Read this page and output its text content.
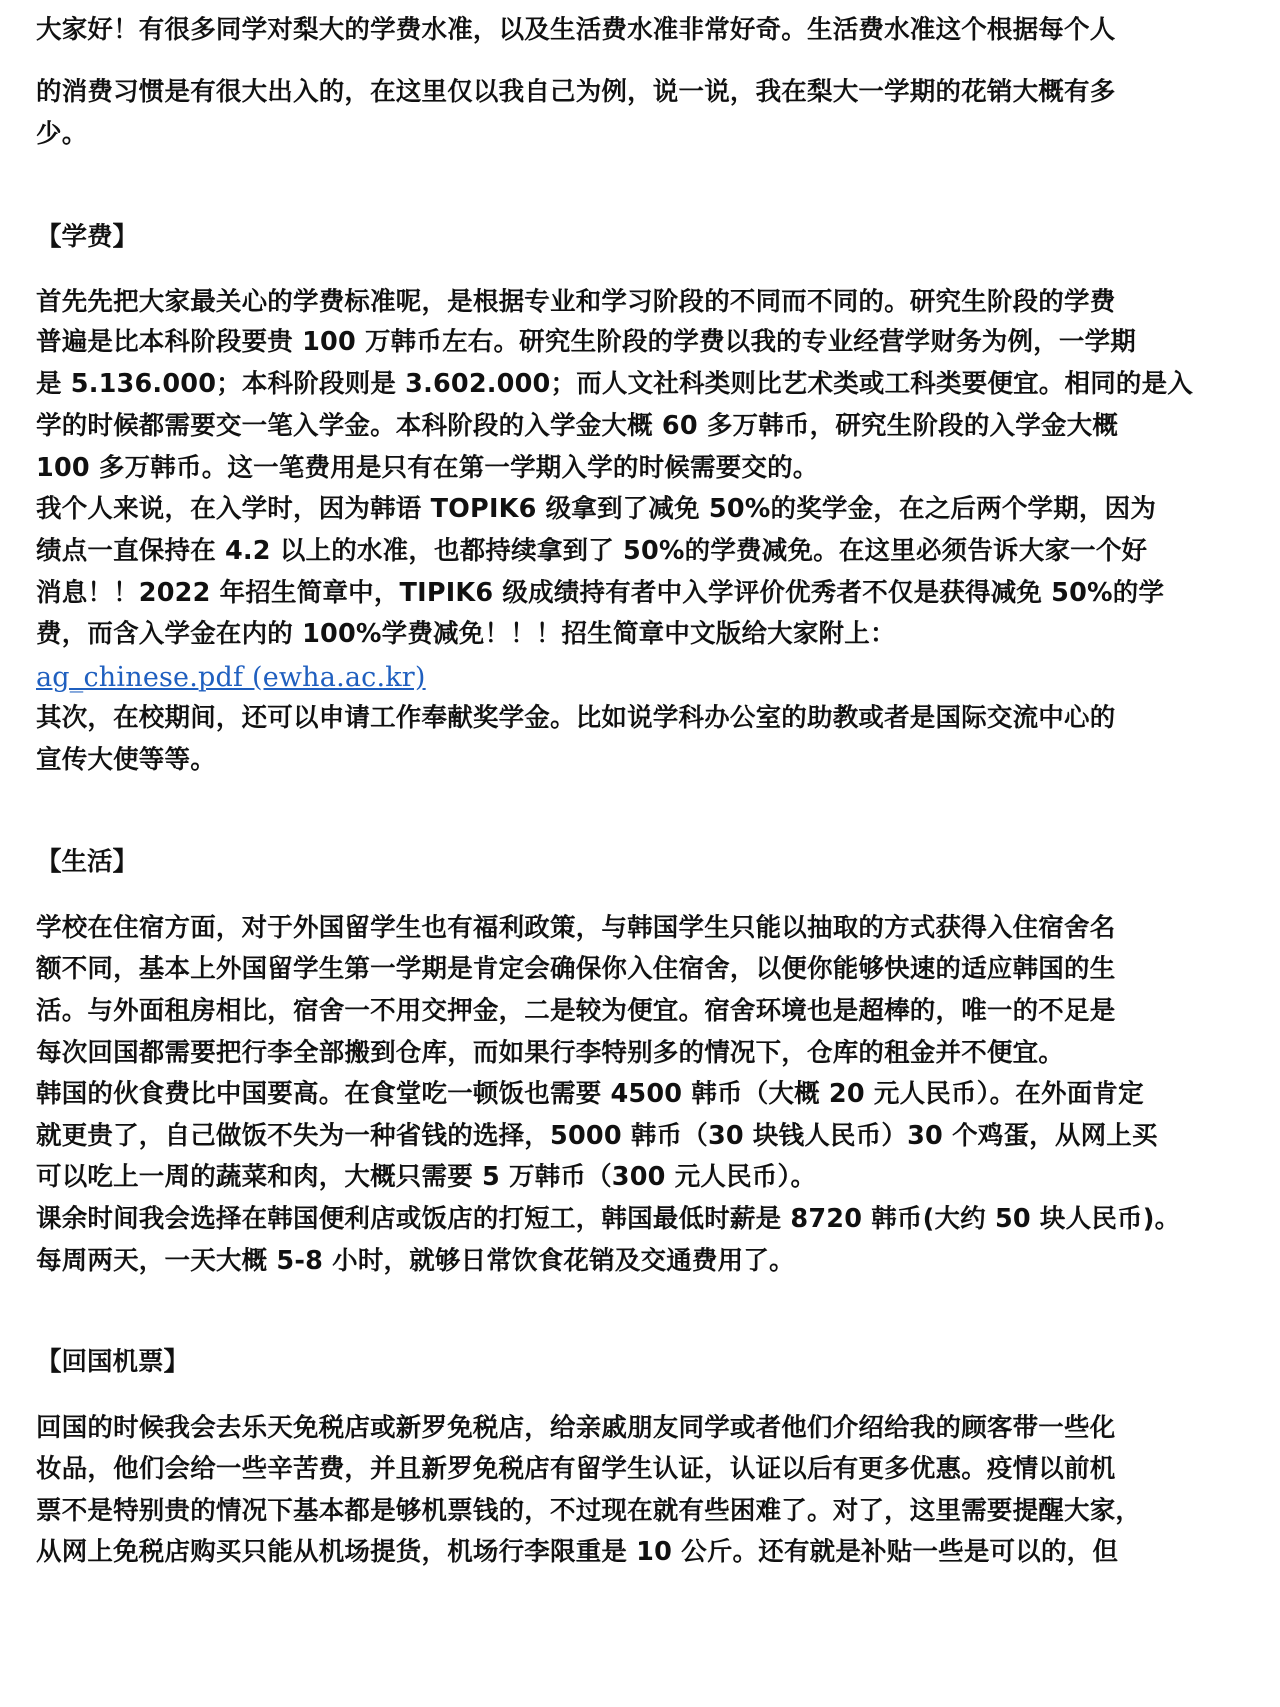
大家好！有很多同学对梨大的学费水准，以及生活费水准非常好奇。生活费水准这个根据每个人
的消费习惯是有很大出入的，在这里仅以我自己为例，说一说，我在梨大一学期的花销大概有多
少。
【学费】
首先先把大家最关心的学费标准呢，是根据专业和学习阶段的不同而不同的。研究生阶段的学费
普遍是比本科阶段要贵 100 万韩币左右。研究生阶段的学费以我的专业经营学财务为例，一学期
是 5.136.000；本科阶段则是 3.602.000；而人文社科类则比艺术类或工科类要便宜。相同的是入
学的时候都需要交一笔入学金。本科阶段的入学金大概 60 多万韩币，研究生阶段的入学金大概
100 多万韩币。这一笔费用是只有在第一学期入学的时候需要交的。
我个人来说，在入学时，因为韩语 TOPIK6 级拿到了减免 50%的奖学金，在之后两个学期，因为
绩点一直保持在 4.2 以上的水准，也都持续拿到了 50%的学费减免。在这里必须告诉大家一个好
消息！！2022 年招生简章中，TIPIK6 级成绩持有者中入学评价优秀者不仅是获得减免 50%的学
费，而含入学金在内的 100%学费减免！！！招生简章中文版给大家附上：
ag_chinese.pdf (ewha.ac.kr)
其次，在校期间，还可以申请工作奉献奖学金。比如说学科办公室的助教或者是国际交流中心的
宣传大使等等。
【生活】
学校在住宿方面，对于外国留学生也有福利政策，与韩国学生只能以抽取的方式获得入住宿舍名
额不同，基本上外国留学生第一学期是肯定会确保你入住宿舍，以便你能够快速的适应韩国的生
活。与外面租房相比，宿舍一不用交押金，二是较为便宜。宿舍环境也是超棒的，唯一的不足是
每次回国都需要把行李全部搬到仓库，而如果行李特别多的情况下，仓库的租金并不便宜。
韩国的伙食费比中国要高。在食堂吃一顿饭也需要 4500 韩币（大概 20 元人民币）。在外面肯定
就更贵了，自己做饭不失为一种省钱的选择，5000 韩币（30 块钱人民币）30 个鸡蛋，从网上买
可以吃上一周的蔬菜和肉，大概只需要 5 万韩币（300 元人民币）。
课余时间我会选择在韩国便利店或饭店的打短工，韩国最低时薪是 8720 韩币(大约 50 块人民币)。
每周两天，一天大概 5-8 小时，就够日常饮食花销及交通费用了。
【回国机票】
回国的时候我会去乐天免税店或新罗免税店，给亲戚朋友同学或者他们介绍给我的顾客带一些化
妆品，他们会给一些辛苦费，并且新罗免税店有留学生认证，认证以后有更多优惠。疫情以前机
票不是特别贵的情况下基本都是够机票钱的，不过现在就有些困难了。对了，这里需要提醒大家，
从网上免税店购买只能从机场提货，机场行李限重是 10 公斤。还有就是补贴一些是可以的，但
